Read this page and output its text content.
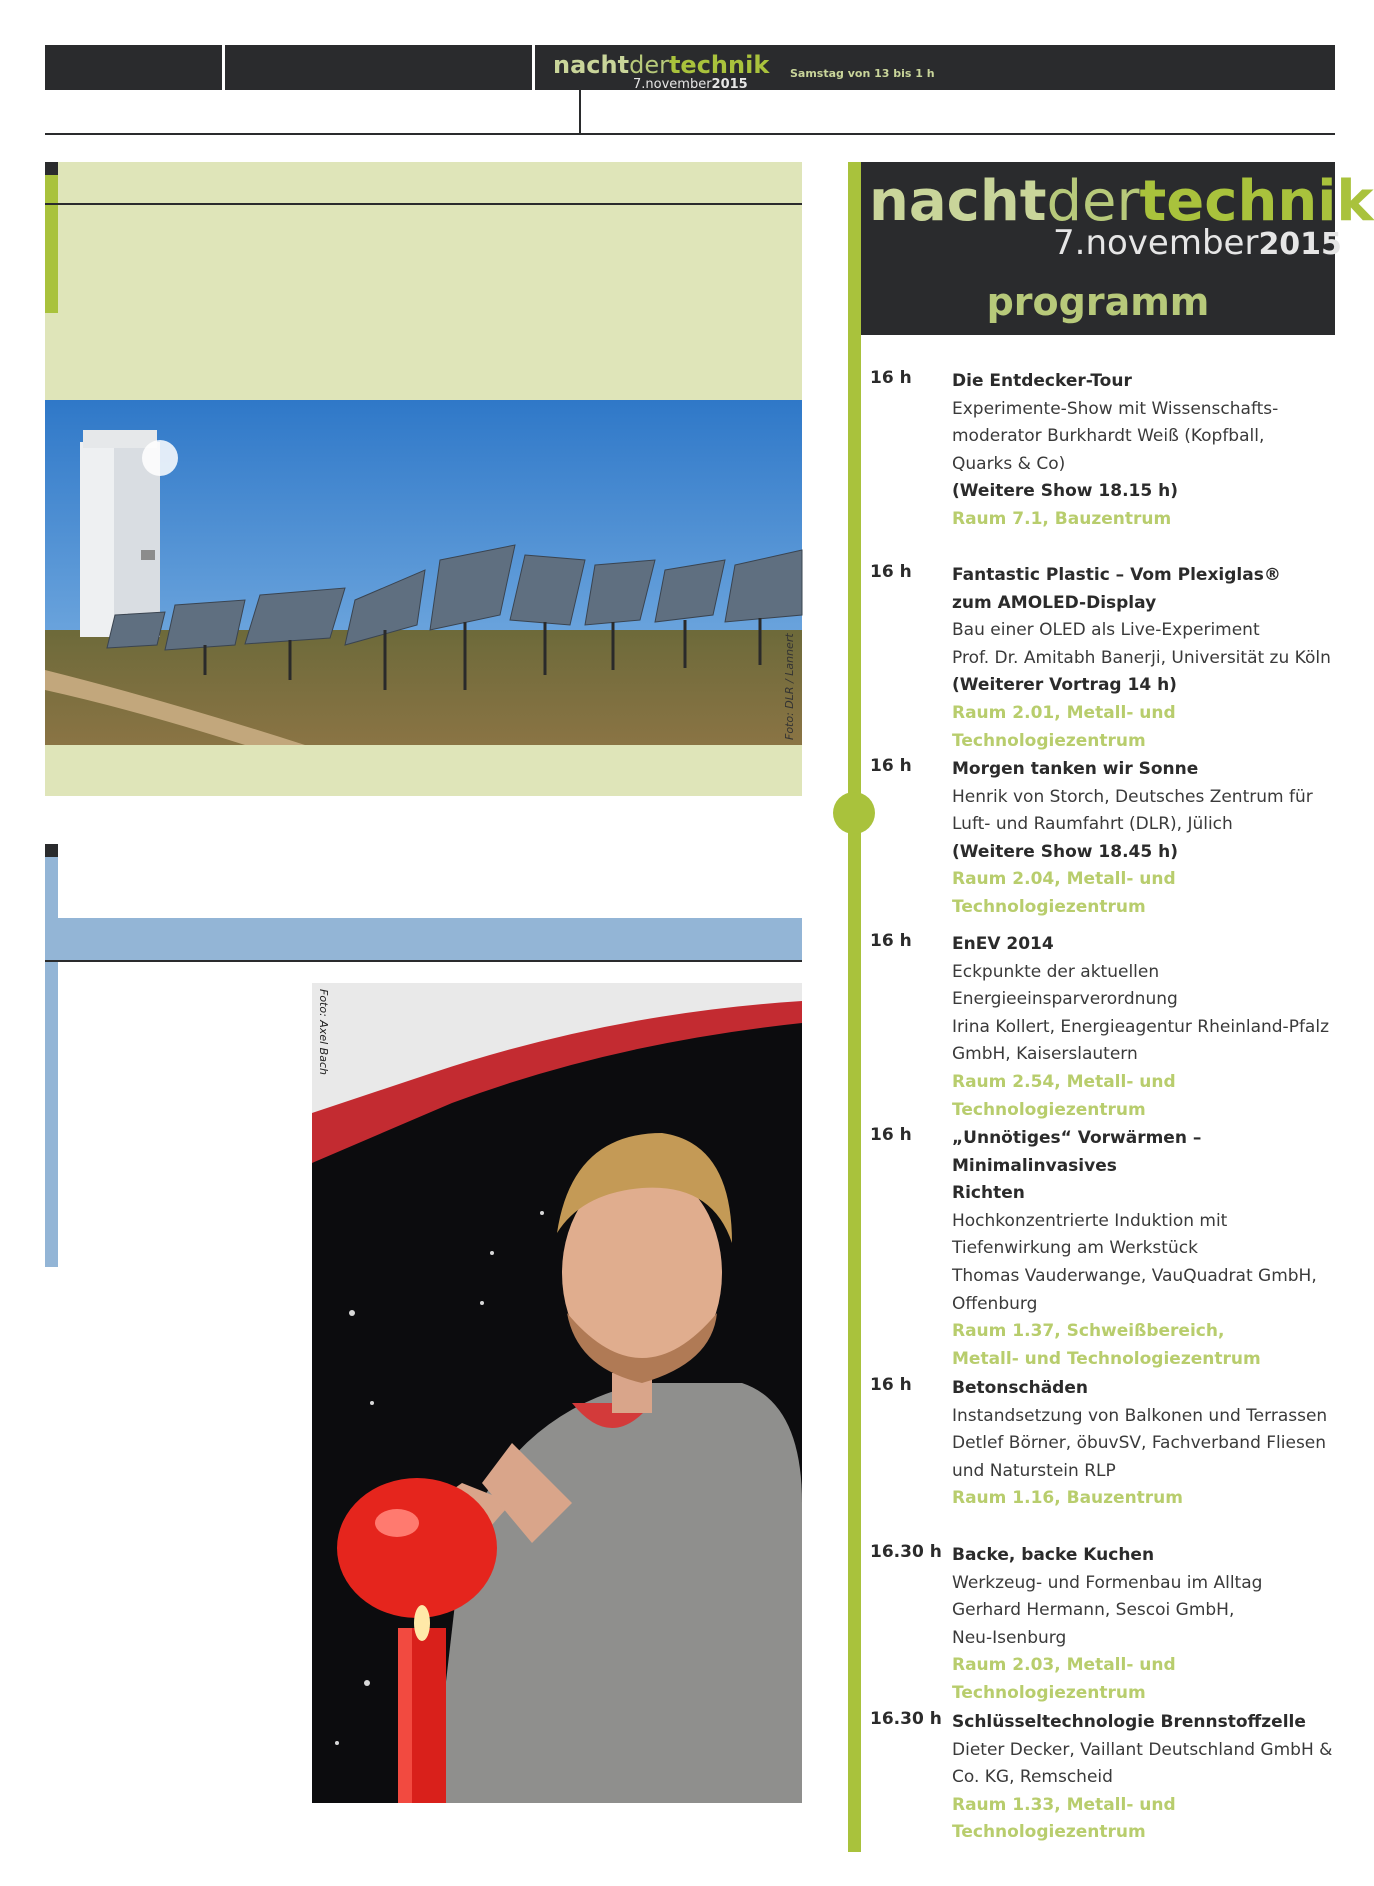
nachtdertechnik
7.november2015
Samstag von 13 bis 1 h
Foto: DLR / Lannert
Foto: Axel Bach
nachtdertechnik
7.november2015
programm
16 h Die Entdecker-Tour
Experimente-Show mit Wissenschafts-
moderator Burkhardt Weiß (Kopfball,
Quarks & Co)
(Weitere Show 18.15 h)
Raum 7.1, Bauzentrum
16 h Fantastic Plastic – Vom Plexiglas®
zum AMOLED-Display
Bau einer OLED als Live-Experiment
Prof. Dr. Amitabh Banerji, Universität zu Köln
(Weiterer Vortrag 14 h)
Raum 2.01, Metall- und Technologiezentrum
16 h Morgen tanken wir Sonne
Henrik von Storch, Deutsches Zentrum für
Luft- und Raumfahrt (DLR), Jülich
(Weitere Show 18.45 h)
Raum 2.04, Metall- und Technologiezentrum
16 h EnEV 2014
Eckpunkte der aktuellen
Energieeinsparverordnung
Irina Kollert, Energieagentur Rheinland-Pfalz
GmbH, Kaiserslautern
Raum 2.54, Metall- und Technologiezentrum
16 h „Unnötiges“ Vorwärmen – Minimalinvasives
Richten
Hochkonzentrierte Induktion mit
Tiefenwirkung am Werkstück
Thomas Vauderwange, VauQuadrat GmbH,
Offenburg
Raum 1.37, Schweißbereich,
Metall- und Technologiezentrum
16 h Betonschäden
Instandsetzung von Balkonen und Terrassen
Detlef Börner, öbuvSV, Fachverband Fliesen
und Naturstein RLP
Raum 1.16, Bauzentrum
16.30 h Backe, backe Kuchen
Werkzeug- und Formenbau im Alltag
Gerhard Hermann, Sescoi GmbH,
Neu-Isenburg
Raum 2.03, Metall- und Technologiezentrum
16.30 h Schlüsseltechnologie Brennstoffzelle
Dieter Decker, Vaillant Deutschland GmbH &
Co. KG, Remscheid
Raum 1.33, Metall- und Technologiezentrum
